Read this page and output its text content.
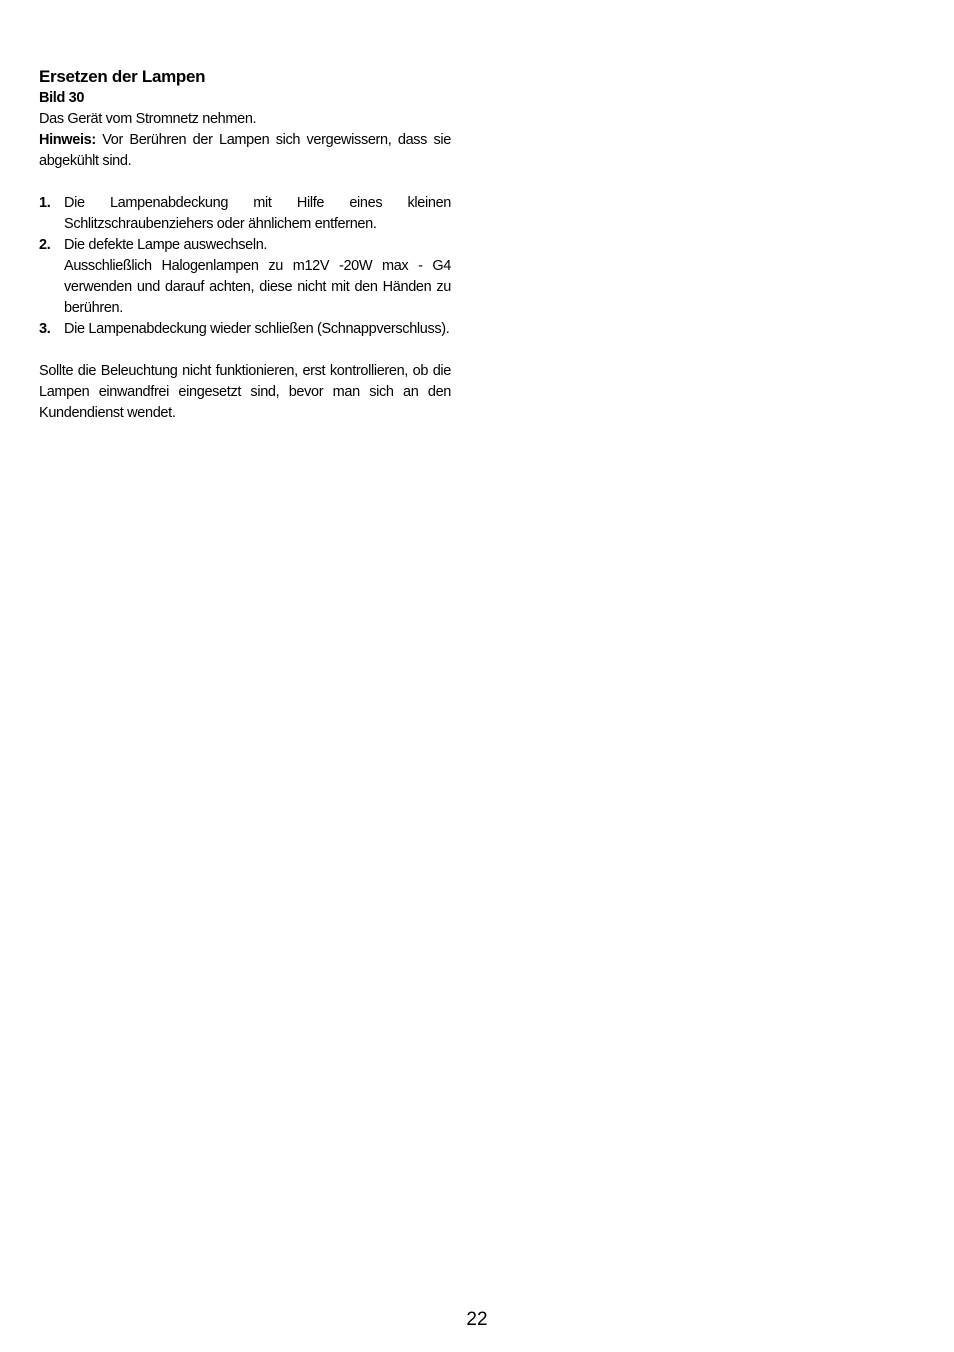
Ersetzen der Lampen

Bild 30

Das Gerät vom Stromnetz nehmen.

Hinweis: Vor Berühren der Lampen sich vergewissern, dass sie abgekühlt sind.

1. Die Lampenabdeckung mit Hilfe eines kleinen Schlitzschraubenziehers oder ähnlichem entfernen.
2. Die defekte Lampe auswechseln.
Ausschließlich Halogenlampen zu m12V -20W max - G4 verwenden und darauf achten, diese nicht mit den Händen zu berühren.
3. Die Lampenabdeckung wieder schließen (Schnappverschluss).

Sollte die Beleuchtung nicht funktionieren, erst kontrollieren, ob die Lampen einwandfrei eingesetzt sind, bevor man sich an den Kundendienst wendet.

22
